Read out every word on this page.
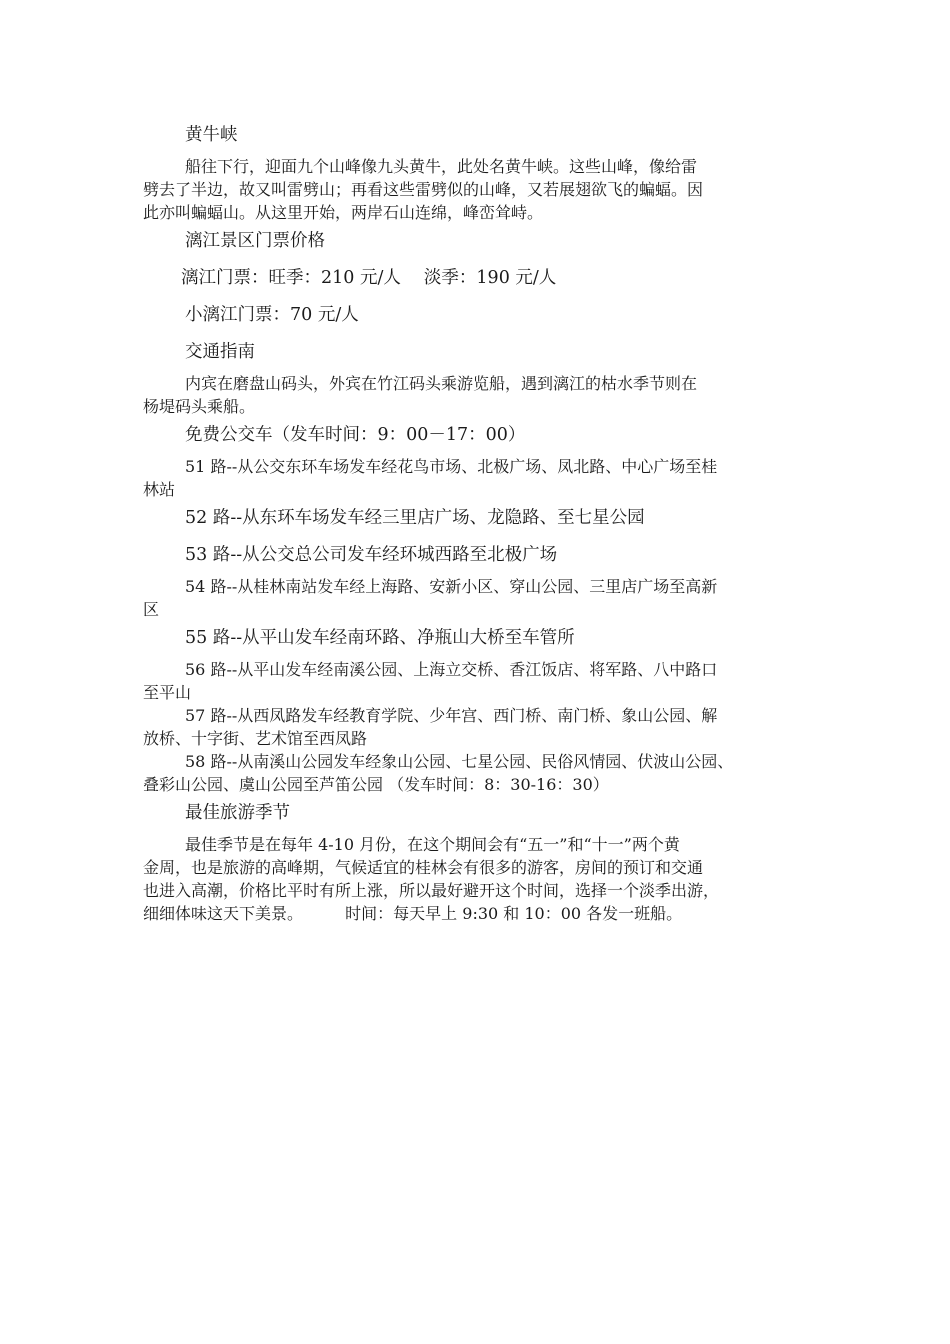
黄牛峡

船往下行，迎面九个山峰像九头黄牛，此处名黄牛峡。这些山峰，像给雷
劈去了半边，故又叫雷劈山；再看这些雷劈似的山峰，又若展翅欲飞的蝙蝠。因
此亦叫蝙蝠山。从这里开始，两岸石山连绵，峰峦耸峙。

漓江景区门票价格

漓江门票：旺季：210 元/人　 淡季：190 元/人

小漓江门票：70 元/人

交通指南

内宾在磨盘山码头，外宾在竹江码头乘游览船，遇到漓江的枯水季节则在
杨堤码头乘船。

免费公交车（发车时间：9：00－17：00）

51 路--从公交东环车场发车经花鸟市场、北极广场、凤北路、中心广场至桂
林站

52 路--从东环车场发车经三里店广场、龙隐路、至七星公园

53 路--从公交总公司发车经环城西路至北极广场

54 路--从桂林南站发车经上海路、安新小区、穿山公园、三里店广场至高新
区

55 路--从平山发车经南环路、净瓶山大桥至车管所

56 路--从平山发车经南溪公园、上海立交桥、香江饭店、将军路、八中路口
至平山
57 路--从西凤路发车经教育学院、少年宫、西门桥、南门桥、象山公园、解
放桥、十字街、艺术馆至西凤路
58 路--从南溪山公园发车经象山公园、七星公园、民俗风情园、伏波山公园、
叠彩山公园、虞山公园至芦笛公园 （发车时间：8：30-16：30）

最佳旅游季节

最佳季节是在每年 4-10 月份，在这个期间会有“五一”和“十一”两个黄
金周，也是旅游的高峰期，气候适宜的桂林会有很多的游客，房间的预订和交通
也进入高潮，价格比平时有所上涨，所以最好避开这个时间，选择一个淡季出游，
细细体味这天下美景。 　 　时间：每天早上 9:30 和 10：00 各发一班船。
